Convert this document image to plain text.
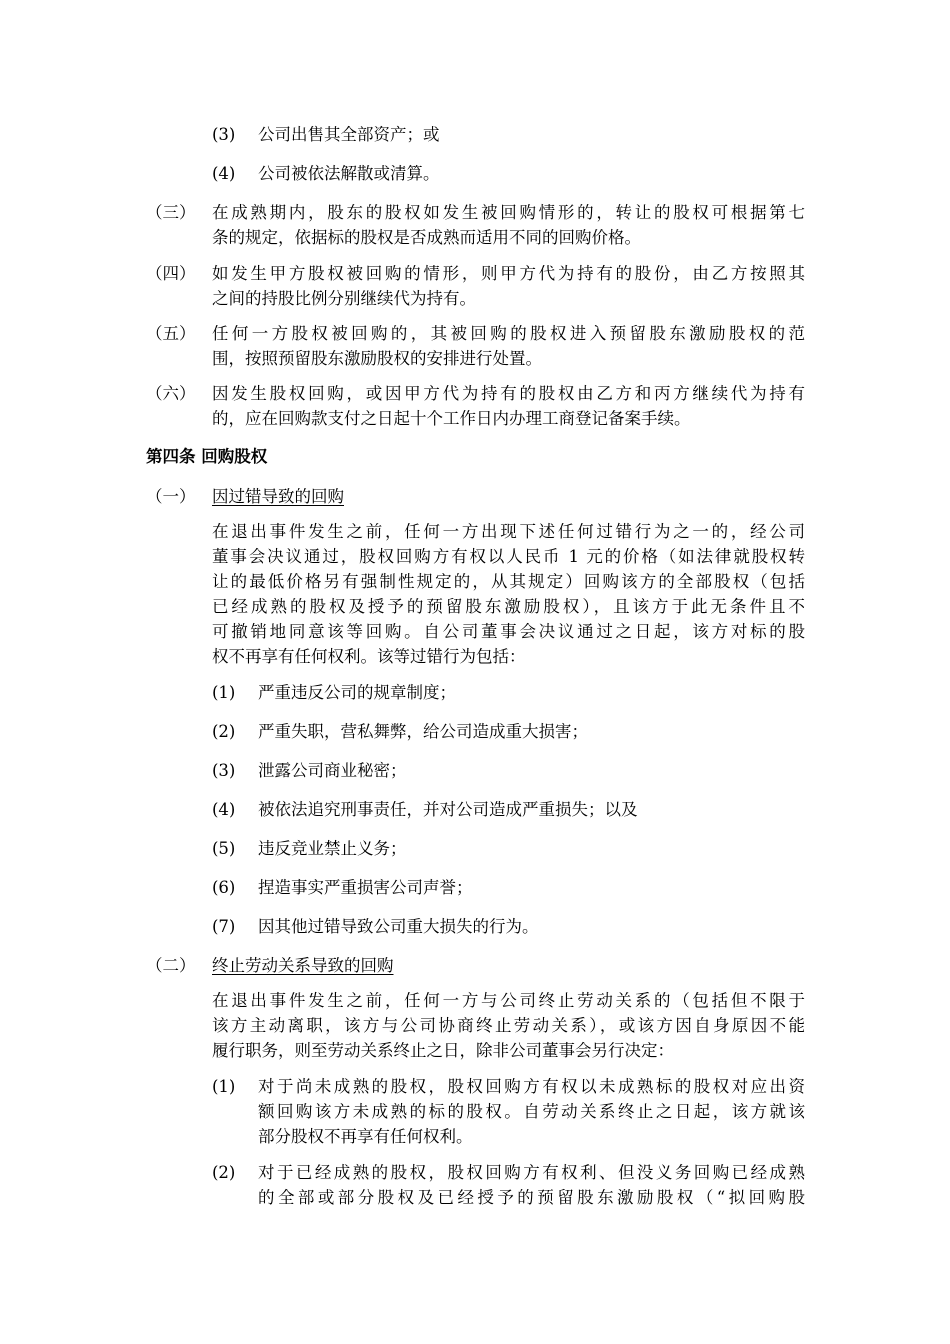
(3) 公司出售其全部资产；或
(4) 公司被依法解散或清算。
（三） 在成熟期内，股东的股权如发生被回购情形的，转让的股权可根据第七
条的规定，依据标的股权是否成熟而适用不同的回购价格。
（四） 如发生甲方股权被回购的情形，则甲方代为持有的股份，由乙方按照其
之间的持股比例分别继续代为持有。
（五） 任何一方股权被回购的，其被回购的股权进入预留股东激励股权的范
围，按照预留股东激励股权的安排进行处置。
（六） 因发生股权回购，或因甲方代为持有的股权由乙方和丙方继续代为持有
的，应在回购款支付之日起十个工作日内办理工商登记备案手续。
第四条 回购股权
（一） 因过错导致的回购
在退出事件发生之前，任何一方出现下述任何过错行为之一的，经公司
董事会决议通过，股权回购方有权以人民币 1 元的价格（如法律就股权转
让的最低价格另有强制性规定的，从其规定）回购该方的全部股权（包括
已经成熟的股权及授予的预留股东激励股权），且该方于此无条件且不
可撤销地同意该等回购。自公司董事会决议通过之日起，该方对标的股
权不再享有任何权利。该等过错行为包括：
(1) 严重违反公司的规章制度；
(2) 严重失职，营私舞弊，给公司造成重大损害；
(3) 泄露公司商业秘密；
(4) 被依法追究刑事责任，并对公司造成严重损失；以及
(5) 违反竞业禁止义务；
(6) 捏造事实严重损害公司声誉；
(7) 因其他过错导致公司重大损失的行为。
（二） 终止劳动关系导致的回购
在退出事件发生之前，任何一方与公司终止劳动关系的（包括但不限于
该方主动离职，该方与公司协商终止劳动关系），或该方因自身原因不能
履行职务，则至劳动关系终止之日，除非公司董事会另行决定：
(1) 对于尚未成熟的股权，股权回购方有权以未成熟标的股权对应出资
额回购该方未成熟的标的股权。自劳动关系终止之日起，该方就该
部分股权不再享有任何权利。
(2) 对于已经成熟的股权，股权回购方有权利、但没义务回购已经成熟
的全部或部分股权及已经授予的预留股东激励股权（“拟回购股
